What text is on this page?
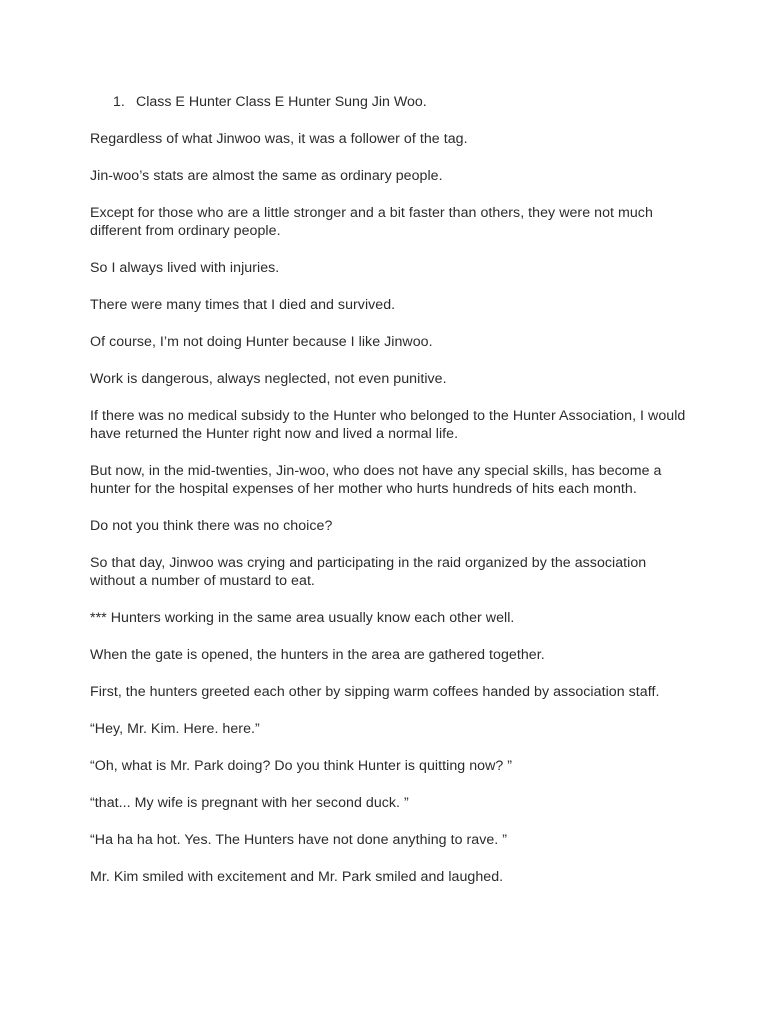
1. Class E Hunter Class E Hunter Sung Jin Woo.

Regardless of what Jinwoo was, it was a follower of the tag.

Jin-woo’s stats are almost the same as ordinary people.

Except for those who are a little stronger and a bit faster than others, they were not much different from ordinary people.

So I always lived with injuries.

There were many times that I died and survived.

Of course, I’m not doing Hunter because I like Jinwoo.

Work is dangerous, always neglected, not even punitive.

If there was no medical subsidy to the Hunter who belonged to the Hunter Association, I would have returned the Hunter right now and lived a normal life.

But now, in the mid-twenties, Jin-woo, who does not have any special skills, has become a hunter for the hospital expenses of her mother who hurts hundreds of hits each month.

Do not you think there was no choice?

So that day, Jinwoo was crying and participating in the raid organized by the association without a number of mustard to eat.

*** Hunters working in the same area usually know each other well.

When the gate is opened, the hunters in the area are gathered together.

First, the hunters greeted each other by sipping warm coffees handed by association staff.

“Hey, Mr. Kim. Here. here.”

“Oh, what is Mr. Park doing? Do you think Hunter is quitting now? ”

“that... My wife is pregnant with her second duck. ”

“Ha ha ha hot. Yes. The Hunters have not done anything to rave. ”

Mr. Kim smiled with excitement and Mr. Park smiled and laughed.
